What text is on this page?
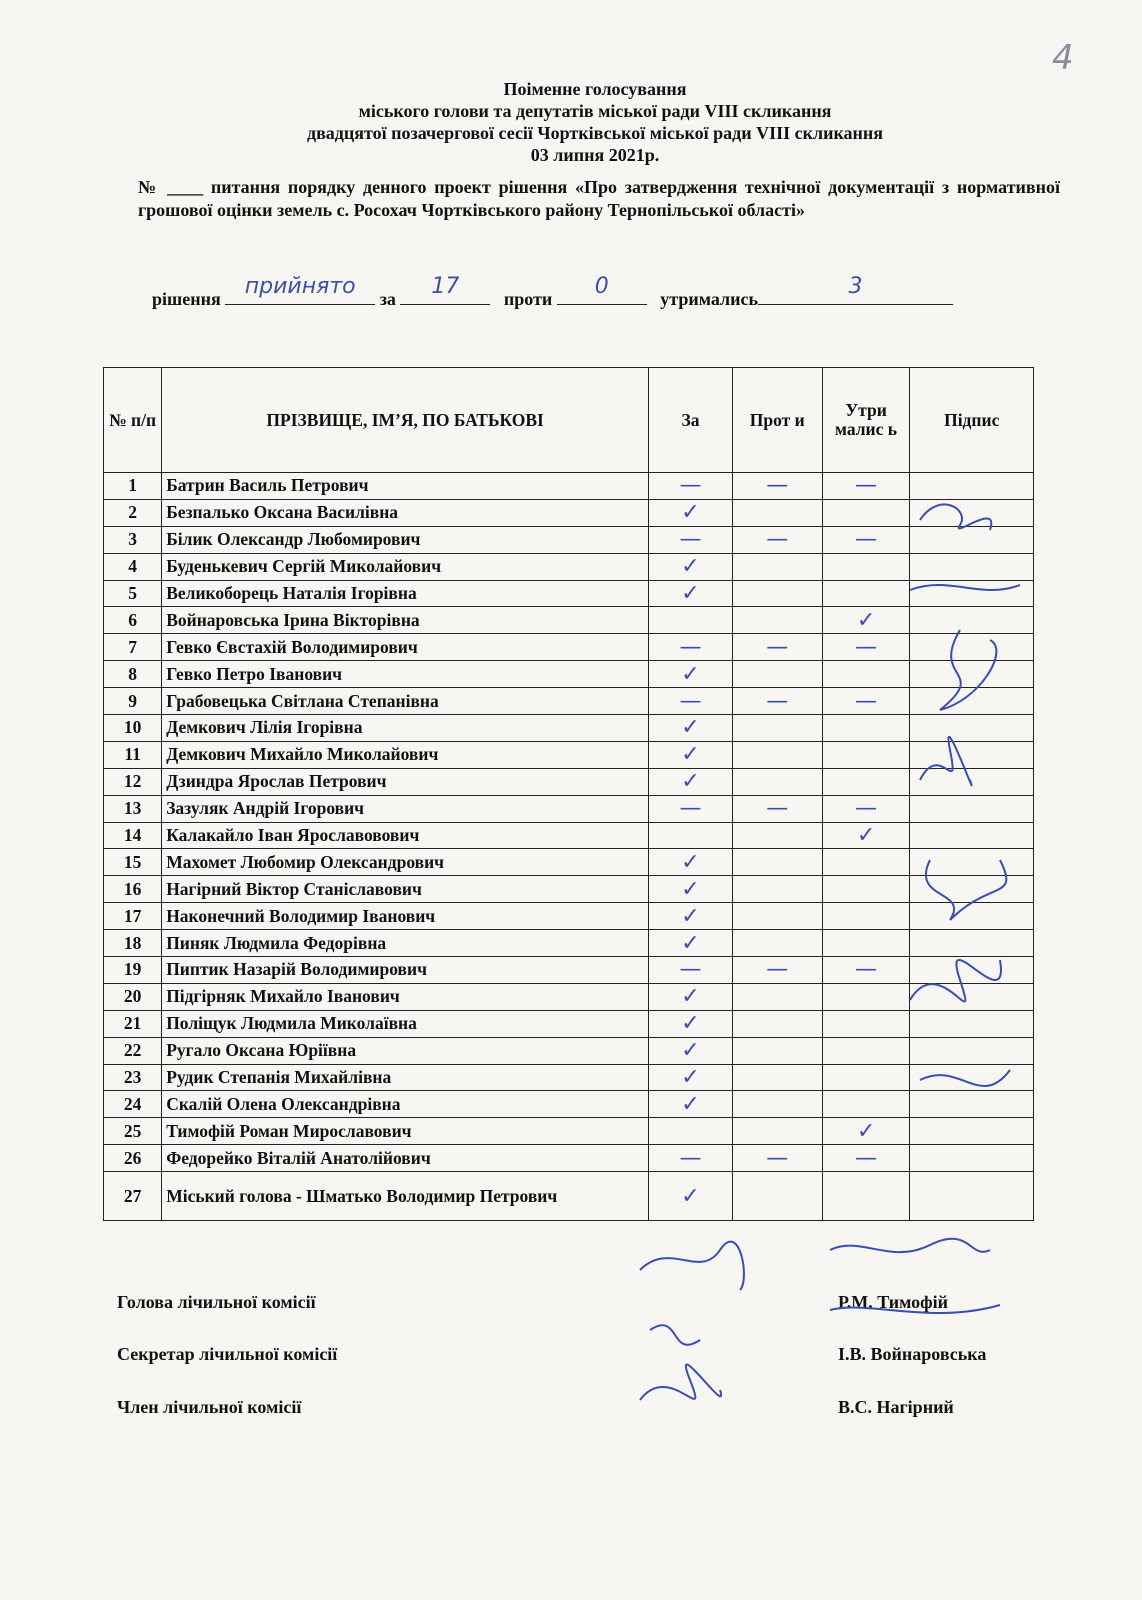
4
Поіменне голосування
міського голови та депутатів міської ради VIII скликання
двадцятої позачергової сесії Чортківської міської ради VIII скликання
03 липня 2021р.
№ ____ питання порядку денного проект рішення «Про затвердження технічної документації з нормативної грошової оцінки земель с. Росохач Чортківського району Тернопільської області»
рішення	прийнято	за	17	проти	0	утримались	3
№ п/п	ПРІЗВИЩЕ, ІМ’Я, ПО БАТЬКОВІ	За	Прот и	Утри малис ь	Підпис
1	Батрин Василь Петрович	—	—	—	
2	Безпалько Оксана Василівна	✓			
3	Білик Олександр Любомирович	—	—	—	
4	Буденькевич Сергій Миколайович	✓			
5	Великоборець Наталія Ігорівна	✓			
6	Войнаровська Ірина Вікторівна			✓	
7	Гевко Євстахій Володимирович	—	—	—	
8	Гевко Петро Іванович	✓			
9	Грабовецька Світлана Степанівна	—	—	—	
10	Демкович Лілія Ігорівна	✓			
11	Демкович Михайло Миколайович	✓			
12	Дзиндра Ярослав Петрович	✓			
13	Зазуляк Андрій Ігорович	—	—	—	
14	Калакайло Іван Ярославовович			✓	
15	Махомет Любомир Олександрович	✓			
16	Нагірний Віктор Станіславович	✓			
17	Наконечний Володимир Іванович	✓			
18	Пиняк Людмила Федорівна	✓			
19	Пиптик Назарій Володимирович	—	—	—	
20	Підгірняк Михайло Іванович	✓			
21	Поліщук Людмила Миколаївна	✓			
22	Ругало Оксана Юріївна	✓			
23	Рудик Степанія Михайлівна	✓			
24	Скалій Олена Олександрівна	✓			
25	Тимофій Роман Мирославович			✓	
26	Федорейко Віталій Анатолійович	—	—	—	
27	Міський голова - Шматько Володимир Петрович	✓			
Голова лічильної комісії	Р.М. Тимофій
Секретар лічильної комісії	І.В. Войнаровська
Член лічильної комісії	В.С. Нагірний
